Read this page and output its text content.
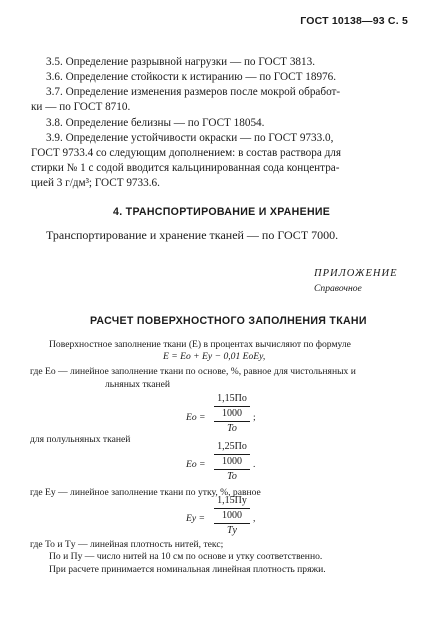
ГОСТ 10138—93 С. 5
3.5. Определение разрывной нагрузки — по ГОСТ 3813.
3.6. Определение стойкости к истиранию — по ГОСТ 18976.
3.7. Определение изменения размеров после мокрой обработ-
ки — по ГОСТ 8710.
3.8. Определение белизны — по ГОСТ 18054.
3.9. Определение устойчивости окраски — по ГОСТ 9733.0,
ГОСТ 9733.4 со следующим дополнением: в состав раствора для
стирки № 1 с содой вводится кальцинированная сода концентра-
цией 3 г/дм³; ГОСТ 9733.6.
4. ТРАНСПОРТИРОВАНИЕ И ХРАНЕНИЕ
Транспортирование и хранение тканей — по ГОСТ 7000.
ПРИЛОЖЕНИЕ
Справочное
РАСЧЕТ ПОВЕРХНОСТНОГО ЗАПОЛНЕНИЯ ТКАНИ
Поверхностное заполнение ткани (E) в процентах вычисляют по формуле
E = Eo + Eу − 0,01 EoEу,
где Eo — линейное заполнение ткани по основе, %, равное для чистольняных и
льняных тканей
Eo =
1,15По
1000
To
;
для полульняных тканей
Eo =
1,25По
1000
To
.
где Eу — линейное заполнение ткани по утку, %, равное
Eу =
1,15Пу
1000
Tу
,
где To и Tу — линейная плотность нитей, текс;
По и Пу — число нитей на 10 см по основе и утку соответственно.
При расчете принимается номинальная линейная плотность пряжи.
